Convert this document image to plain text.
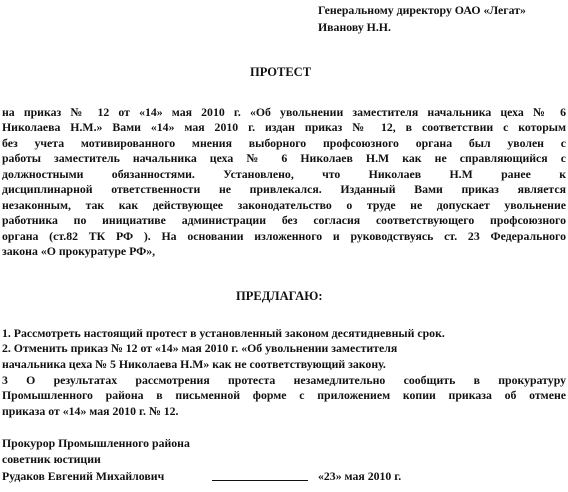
Генеральному директору ОАО «Легат»
Иванову Н.Н.
ПРОТЕСТ
на приказ № 12 от «14» мая 2010 г. «Об увольнении заместителя начальника цеха № 6
Николаева Н.М.» Вами «14» мая 2010 г. издан приказ № 12, в соответствии с которым
без учета мотивированного мнения выборного профсоюзного органа был уволен с
работы заместитель начальника цеха № 6 Николаев Н.М как не справляющийся с
должностными обязанностями. Установлено, что Николаев Н.М ранее к
дисциплинарной ответственности не привлекался. Изданный Вами приказ является
незаконным, так как действующее законодательство о труде не допускает увольнение
работника по инициативе администрации без согласия соответствующего профсоюзного
органа (ст.82 ТК РФ ). На основании изложенного и руководствуясь ст. 23 Федерального
закона «О прокуратуре РФ»,
ПРЕДЛАГАЮ:
1. Рассмотреть настоящий протест в установленный законом десятидневный срок.
2. Отменить приказ № 12 от «14» мая 2010 г. «Об увольнении заместителя
начальника цеха № 5 Николаева Н.М» как не соответствующий закону.
3 О результатах рассмотрения протеста незамедлительно сообщить в прокуратуру
Промышленного района в письменной форме с приложением копии приказа об отмене
приказа от «14» мая 2010 г. № 12.
Прокурор Промышленного района
советник юстиции
Рудаков Евгений Михайлович	«23» мая 2010 г.
